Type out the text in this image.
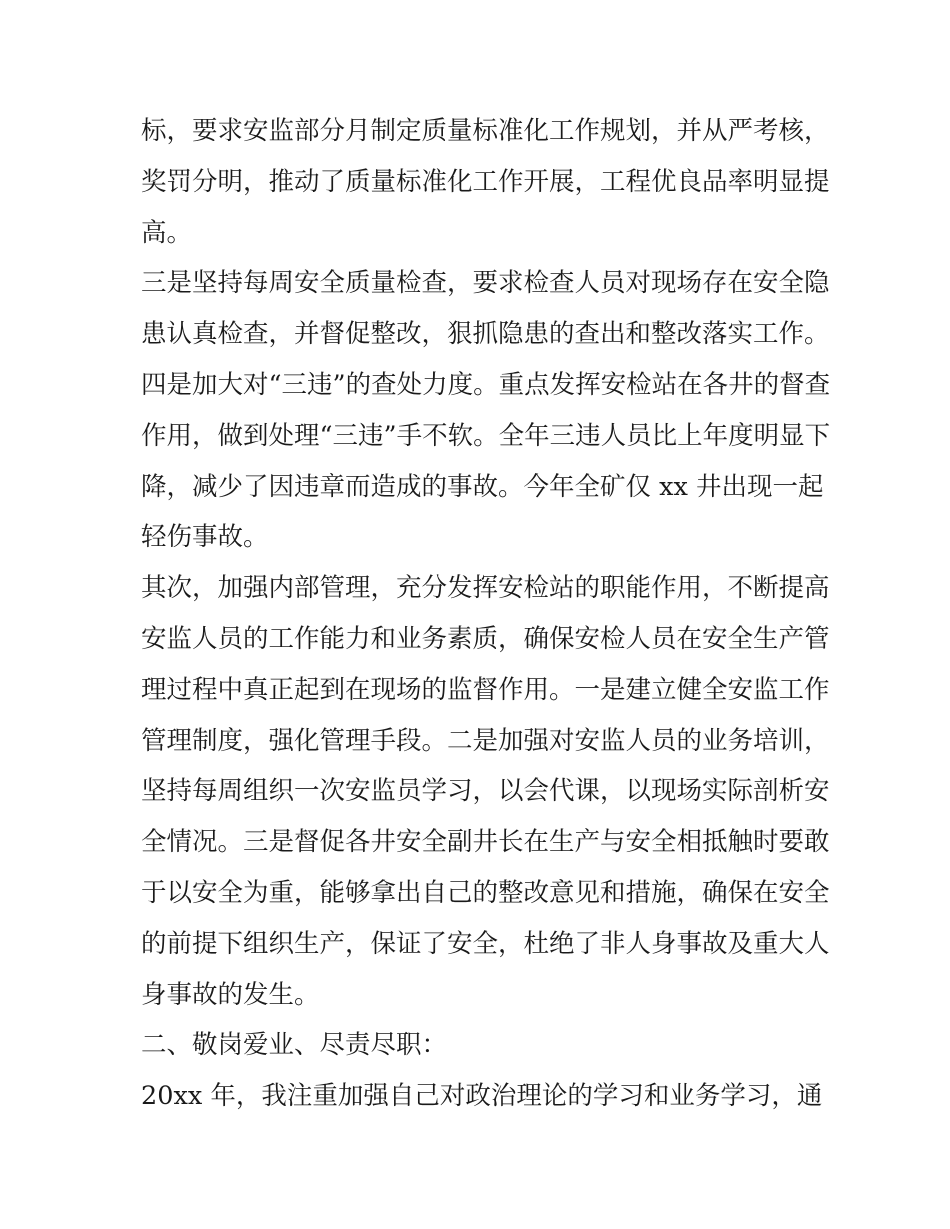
标，要求安监部分月制定质量标准化工作规划，并从严考核，
奖罚分明，推动了质量标准化工作开展，工程优良品率明显提
高。
三是坚持每周安全质量检查，要求检查人员对现场存在安全隐
患认真检查，并督促整改，狠抓隐患的查出和整改落实工作。
四是加大对“三违”的查处力度。重点发挥安检站在各井的督查
作用，做到处理“三违”手不软。全年三违人员比上年度明显下
降，减少了因违章而造成的事故。今年全矿仅 xx 井出现一起
轻伤事故。
其次，加强内部管理，充分发挥安检站的职能作用，不断提高
安监人员的工作能力和业务素质，确保安检人员在安全生产管
理过程中真正起到在现场的监督作用。一是建立健全安监工作
管理制度，强化管理手段。二是加强对安监人员的业务培训，
坚持每周组织一次安监员学习，以会代课，以现场实际剖析安
全情况。三是督促各井安全副井长在生产与安全相抵触时要敢
于以安全为重，能够拿出自己的整改意见和措施，确保在安全
的前提下组织生产，保证了安全，杜绝了非人身事故及重大人
身事故的发生。
二、敬岗爱业、尽责尽职：
20xx 年，我注重加强自己对政治理论的学习和业务学习，通
